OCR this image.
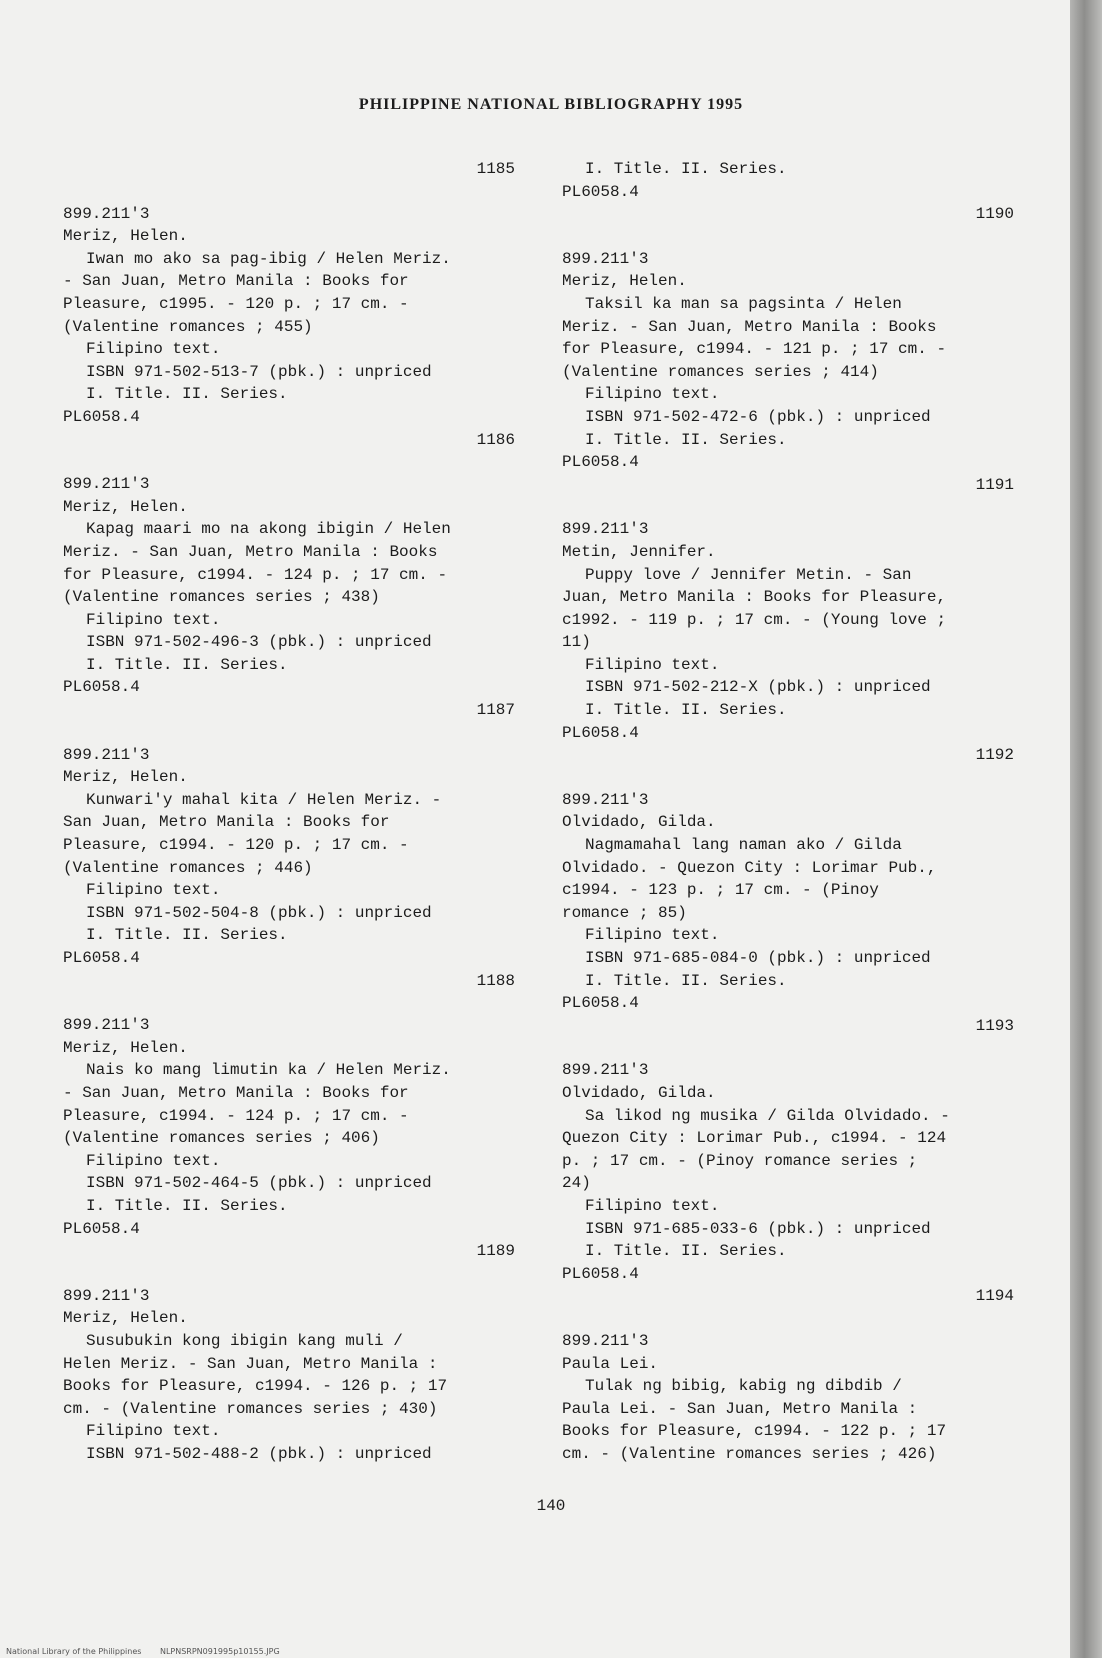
PHILIPPINE NATIONAL BIBLIOGRAPHY 1995
1185
899.211'3
Meriz, Helen.
Iwan mo ako sa pag-ibig / Helen Meriz.
- San Juan, Metro Manila : Books for
Pleasure, c1995. - 120 p. ; 17 cm. -
(Valentine romances ; 455)
Filipino text.
ISBN 971-502-513-7 (pbk.) : unpriced
I. Title. II. Series.
PL6058.4
1186
899.211'3
Meriz, Helen.
Kapag maari mo na akong ibigin / Helen
Meriz. - San Juan, Metro Manila : Books
for Pleasure, c1994. - 124 p. ; 17 cm. -
(Valentine romances series ; 438)
Filipino text.
ISBN 971-502-496-3 (pbk.) : unpriced
I. Title. II. Series.
PL6058.4
1187
899.211'3
Meriz, Helen.
Kunwari'y mahal kita / Helen Meriz. -
San Juan, Metro Manila : Books for
Pleasure, c1994. - 120 p. ; 17 cm. -
(Valentine romances ; 446)
Filipino text.
ISBN 971-502-504-8 (pbk.) : unpriced
I. Title. II. Series.
PL6058.4
1188
899.211'3
Meriz, Helen.
Nais ko mang limutin ka / Helen Meriz.
- San Juan, Metro Manila : Books for
Pleasure, c1994. - 124 p. ; 17 cm. -
(Valentine romances series ; 406)
Filipino text.
ISBN 971-502-464-5 (pbk.) : unpriced
I. Title. II. Series.
PL6058.4
1189
899.211'3
Meriz, Helen.
Susubukin kong ibigin kang muli /
Helen Meriz. - San Juan, Metro Manila :
Books for Pleasure, c1994. - 126 p. ; 17
cm. - (Valentine romances series ; 430)
Filipino text.
ISBN 971-502-488-2 (pbk.) : unpriced
I. Title. II. Series.
PL6058.4
1190
899.211'3
Meriz, Helen.
Taksil ka man sa pagsinta / Helen
Meriz. - San Juan, Metro Manila : Books
for Pleasure, c1994. - 121 p. ; 17 cm. -
(Valentine romances series ; 414)
Filipino text.
ISBN 971-502-472-6 (pbk.) : unpriced
I. Title. II. Series.
PL6058.4
1191
899.211'3
Metin, Jennifer.
Puppy love / Jennifer Metin. - San
Juan, Metro Manila : Books for Pleasure,
c1992. - 119 p. ; 17 cm. - (Young love ;
11)
Filipino text.
ISBN 971-502-212-X (pbk.) : unpriced
I. Title. II. Series.
PL6058.4
1192
899.211'3
Olvidado, Gilda.
Nagmamahal lang naman ako / Gilda
Olvidado. - Quezon City : Lorimar Pub.,
c1994. - 123 p. ; 17 cm. - (Pinoy
romance ; 85)
Filipino text.
ISBN 971-685-084-0 (pbk.) : unpriced
I. Title. II. Series.
PL6058.4
1193
899.211'3
Olvidado, Gilda.
Sa likod ng musika / Gilda Olvidado. -
Quezon City : Lorimar Pub., c1994. - 124
p. ; 17 cm. - (Pinoy romance series ;
24)
Filipino text.
ISBN 971-685-033-6 (pbk.) : unpriced
I. Title. II. Series.
PL6058.4
1194
899.211'3
Paula Lei.
Tulak ng bibig, kabig ng dibdib /
Paula Lei. - San Juan, Metro Manila :
Books for Pleasure, c1994. - 122 p. ; 17
cm. - (Valentine romances series ; 426)
140
National Library of the Philippines NLPNSRPN091995p10155.JPG
